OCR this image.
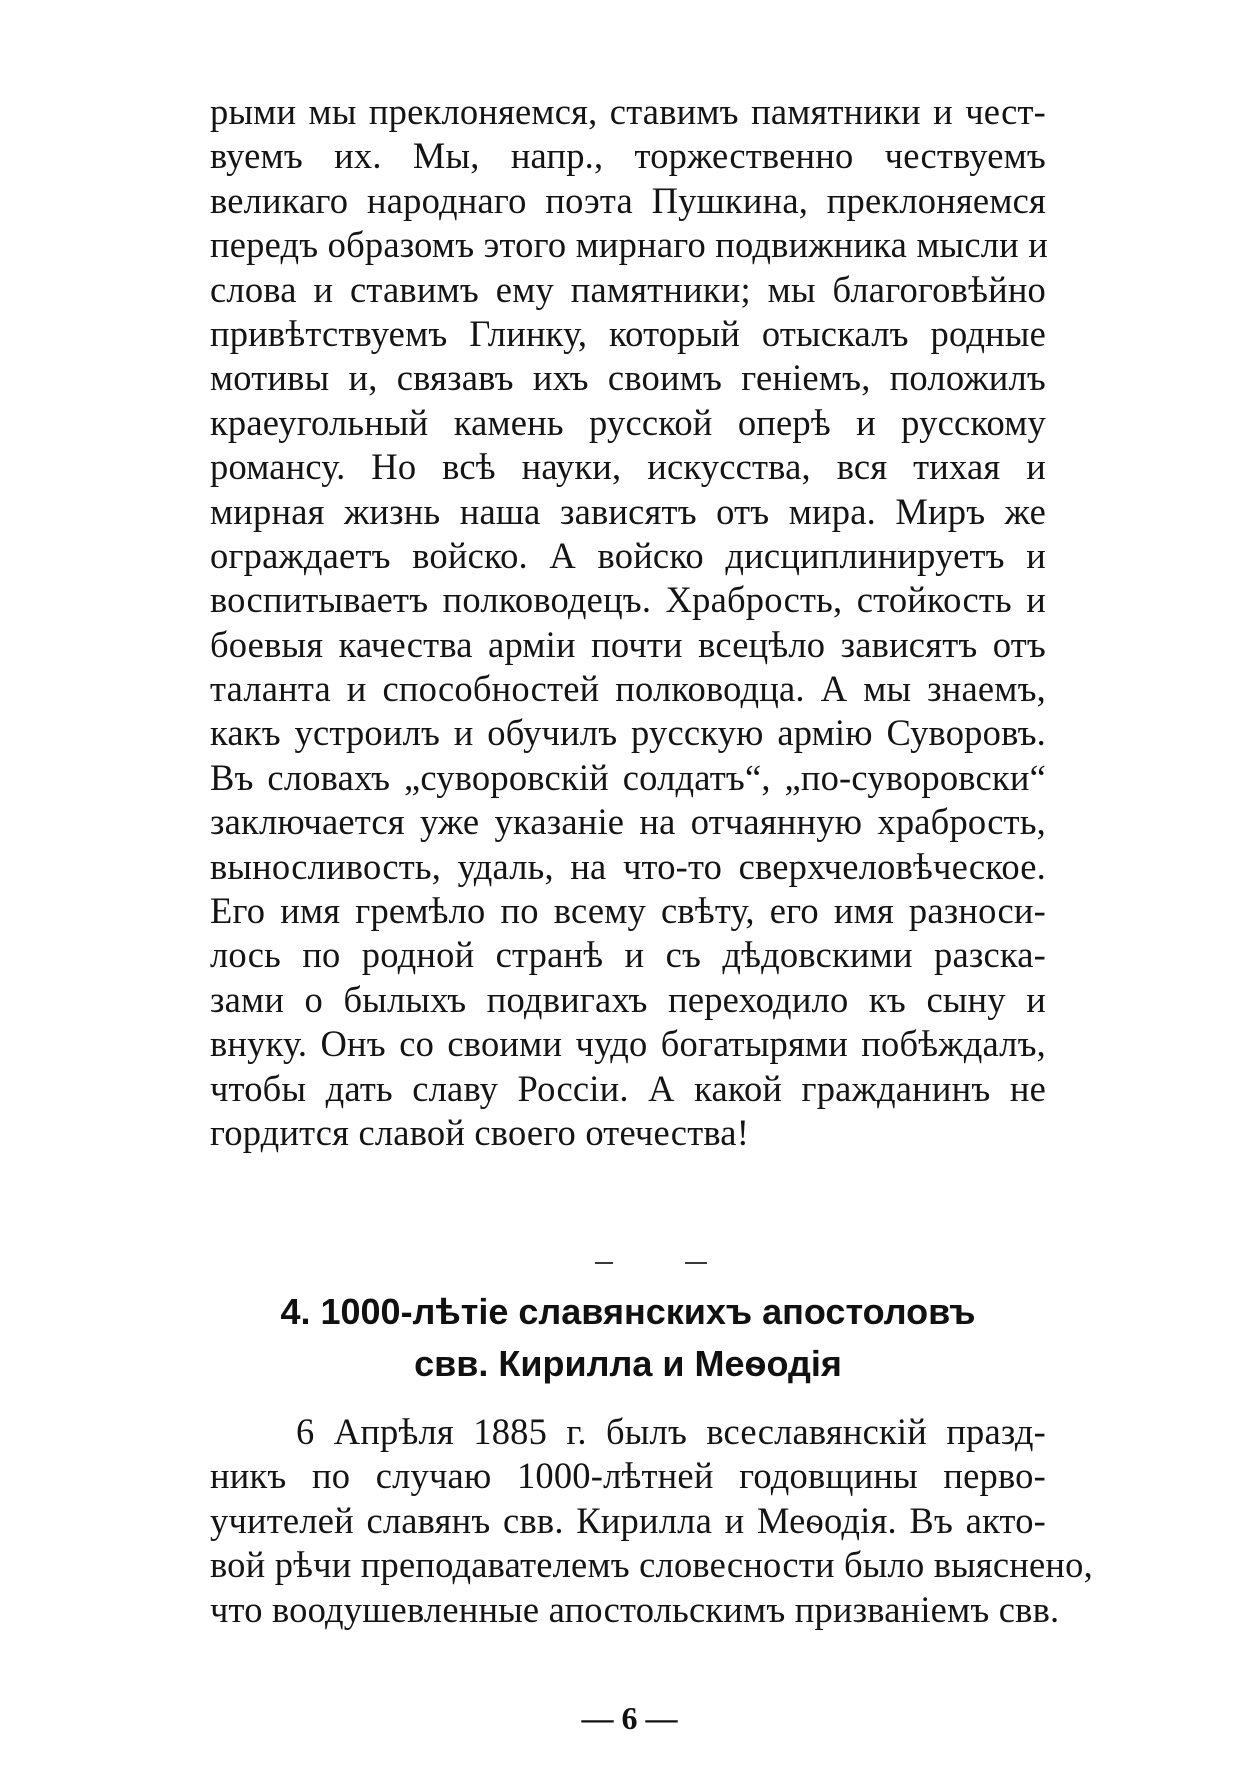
рыми мы преклоняемся, ставимъ памятники и чест-
вуемъ их. Мы, напр., торжественно чествуемъ
великаго народнаго поэта Пушкина, преклоняемся
передъ образомъ этого мирнаго подвижника мысли и
слова и ставимъ ему памятники; мы благоговѣйно
привѣтствуемъ Глинку, который отыскалъ родные
мотивы и, связавъ ихъ своимъ геніемъ, положилъ
краеугольный камень русской оперѣ и русскому
романсу. Но всѣ науки, искусства, вся тихая и
мирная жизнь наша зависятъ отъ мира. Миръ же
ограждаетъ войско. А войско дисциплинируетъ и
воспитываетъ полководецъ. Храбрость, стойкость и
боевыя качества арміи почти всецѣло зависятъ отъ
таланта и способностей полководца. А мы знаемъ,
какъ устроилъ и обучилъ русскую армію Суворовъ.
Въ словахъ „суворовскій солдатъ“, „по-суворовски“
заключается уже указаніе на отчаянную храбрость,
выносливость, удаль, на что-то сверхчеловѣческое.
Его имя гремѣло по всему свѣту, его имя разноси-
лось по родной странѣ и съ дѣдовскими разска-
зами о былыхъ подвигахъ переходило къ сыну и
внуку. Онъ со своими чудо богатырями побѣждалъ,
чтобы дать славу Россіи. А какой гражданинъ не
гордится славой своего отечества!
4. 1000-лѣтіе славянскихъ апостоловъ
свв. Кирилла и Меѳодія
6 Апрѣля 1885 г. былъ всеславянскій празд-
никъ по случаю 1000-лѣтней годовщины перво-
учителей славянъ свв. Кирилла и Меѳодія. Въ акто-
вой рѣчи преподавателемъ словесности было выяснено,
что воодушевленные апостольскимъ призваніемъ свв.
— 6 —
